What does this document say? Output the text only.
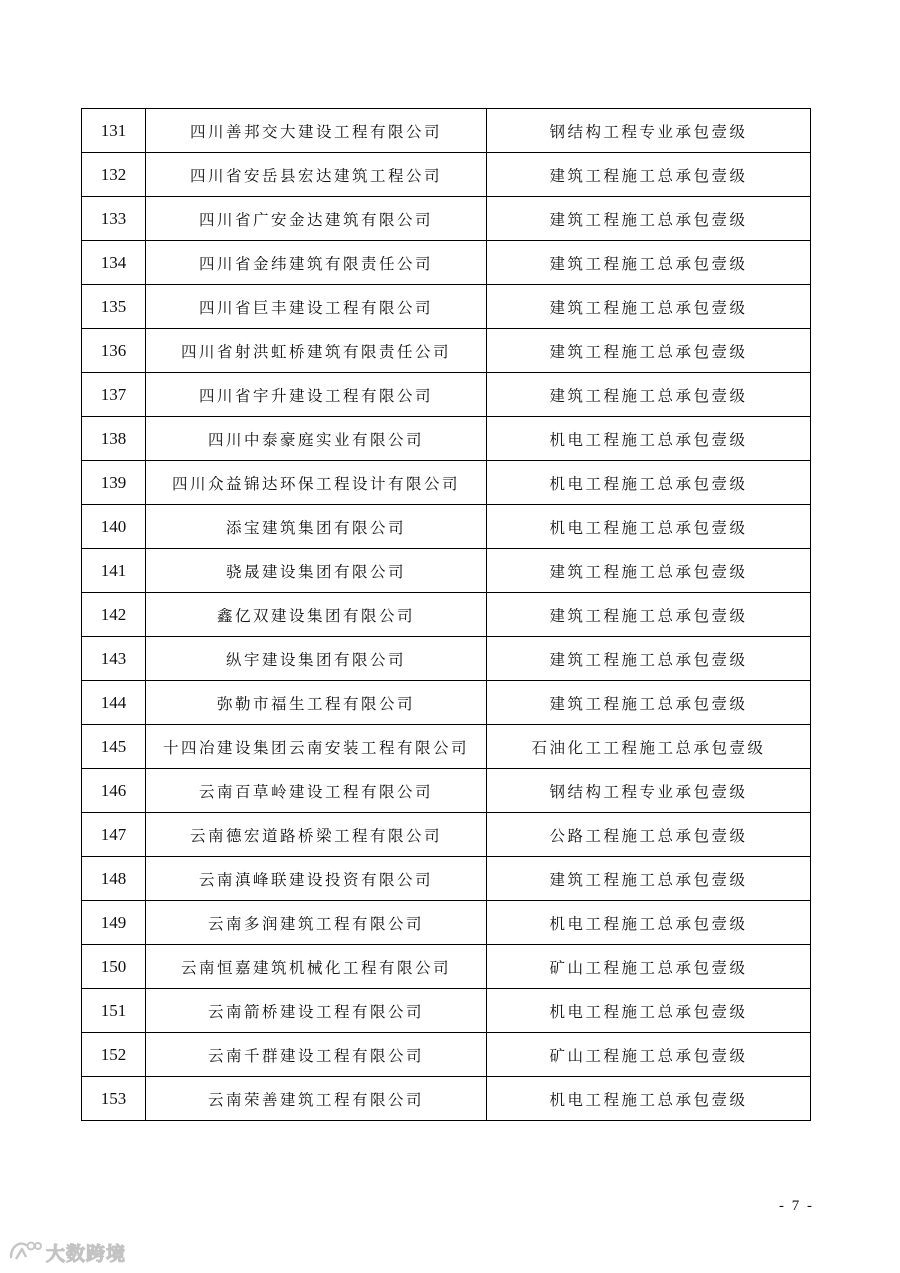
131	四川善邦交大建设工程有限公司	钢结构工程专业承包壹级
132	四川省安岳县宏达建筑工程公司	建筑工程施工总承包壹级
133	四川省广安金达建筑有限公司	建筑工程施工总承包壹级
134	四川省金纬建筑有限责任公司	建筑工程施工总承包壹级
135	四川省巨丰建设工程有限公司	建筑工程施工总承包壹级
136	四川省射洪虹桥建筑有限责任公司	建筑工程施工总承包壹级
137	四川省宇升建设工程有限公司	建筑工程施工总承包壹级
138	四川中泰豪庭实业有限公司	机电工程施工总承包壹级
139	四川众益锦达环保工程设计有限公司	机电工程施工总承包壹级
140	添宝建筑集团有限公司	机电工程施工总承包壹级
141	骁晟建设集团有限公司	建筑工程施工总承包壹级
142	鑫亿双建设集团有限公司	建筑工程施工总承包壹级
143	纵宇建设集团有限公司	建筑工程施工总承包壹级
144	弥勒市福生工程有限公司	建筑工程施工总承包壹级
145	十四冶建设集团云南安装工程有限公司	石油化工工程施工总承包壹级
146	云南百草岭建设工程有限公司	钢结构工程专业承包壹级
147	云南德宏道路桥梁工程有限公司	公路工程施工总承包壹级
148	云南滇峰联建设投资有限公司	建筑工程施工总承包壹级
149	云南多润建筑工程有限公司	机电工程施工总承包壹级
150	云南恒嘉建筑机械化工程有限公司	矿山工程施工总承包壹级
151	云南箭桥建设工程有限公司	机电工程施工总承包壹级
152	云南千群建设工程有限公司	矿山工程施工总承包壹级
153	云南荣善建筑工程有限公司	机电工程施工总承包壹级
- 7 -
大数跨境
